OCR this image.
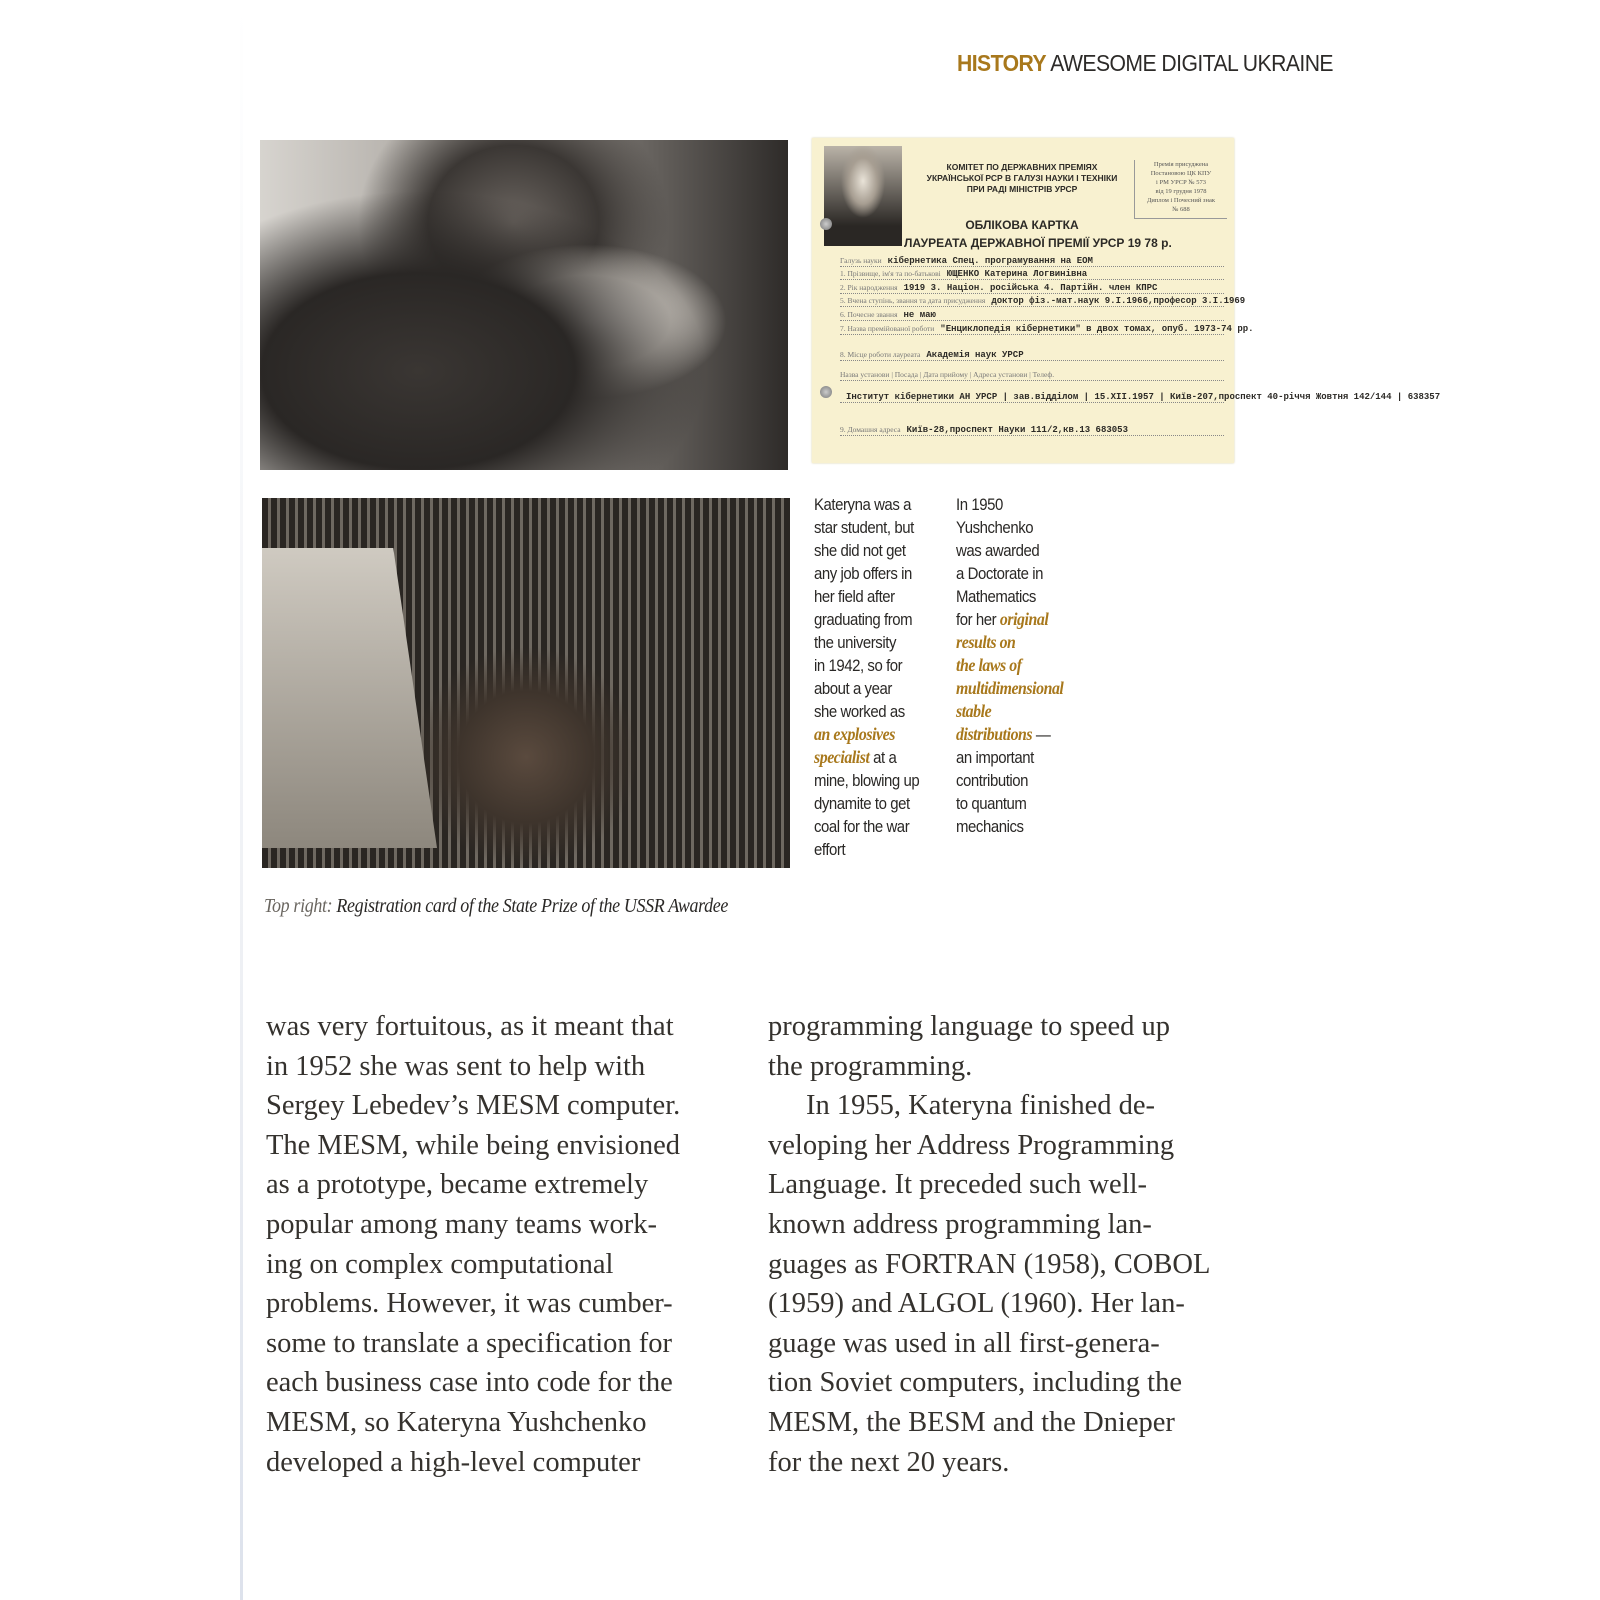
HISTORY AWESOME DIGITAL UKRAINE
КОМІТЕТ ПО ДЕРЖАВНИХ ПРЕМІЯХ
УКРАЇНСЬКОЇ РСР В ГАЛУЗІ НАУКИ І ТЕХНІКИ
ПРИ РАДІ МІНІСТРІВ УРСР
Премія присуджена
Постановою ЦК КПУ
і РМ УРСР № 573
від 19 грудня 1978
Диплом і Почесний знак
№ 688
ОБЛІКОВА КАРТКА
ЛАУРЕАТА ДЕРЖАВНОЇ ПРЕМІЇ УРСР 19 78 р.
Галузь науки кібернетика Спец. програмування на ЕОМ
1. Прізвище, ім'я та по-батькові ЮЩЕНКО Катерина Логвинівна
2. Рік народження 1919 3. Націон. російська 4. Партійн. член КПРС
5. Вчена ступінь, звання та дата присудження доктор фіз.-мат.наук 9.I.1966,професор 3.I.1969
6. Почесне звання не маю
7. Назва премійованої роботи "Енциклопедія кібернетики" в двох томах, опуб. 1973-74 рр.
8. Місце роботи лауреата Академія наук УРСР
Назва установи | Посада | Дата прийому | Адреса установи | Телеф.
Інститут кібернетики АН УРСР | зав.відділом | 15.XII.1957 | Київ-207,проспект 40-річчя Жовтня 142/144 | 638357
9. Домашня адреса Київ-28,проспект Науки 111/2,кв.13 683053
Kateryna was a
star student, but
she did not get
any job offers in
her field after
graduating from
the university
in 1942, so for
about a year
she worked as
an explosives
specialist at a
mine, blowing up
dynamite to get
coal for the war
effort
In 1950
Yushchenko
was awarded
a Doctorate in
Mathematics
for her original
results on
the laws of
multidimensional
stable
distributions —
an important
contribution
to quantum
mechanics
Top right: Registration card of the State Prize of the USSR Awardee
was very fortuitous, as it meant that
in 1952 she was sent to help with
Sergey Lebedev’s MESM computer.
The MESM, while being envisioned
as a prototype, became extremely
popular among many teams work-
ing on complex computational
problems. However, it was cumber-
some to translate a specification for
each business case into code for the
MESM, so Kateryna Yushchenko
developed a high-level computer
programming language to speed up
the programming.
In 1955, Kateryna finished de-
veloping her Address Programming
Language. It preceded such well-
known address programming lan-
guages as FORTRAN (1958), COBOL
(1959) and ALGOL (1960). Her lan-
guage was used in all first-genera-
tion Soviet computers, including the
MESM, the BESM and the Dnieper
for the next 20 years.
